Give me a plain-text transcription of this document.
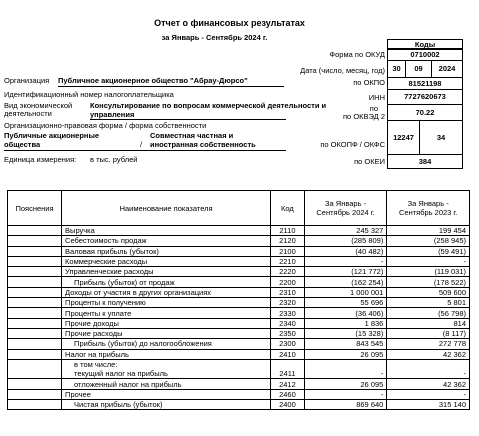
Отчет о финансовых результатах
за Январь - Сентябрь 2024 г.
Коды
Форма по ОКУД	0710002
Дата (число, месяц, год) 30	09	2024
Организация Публичное акционерное общество "Абрау-Дюрсо"	по ОКПО	81521198
Идентификационный номер налогоплательщика	ИНН	7727620673
Вид экономической
деятельности
Консультирование по вопросам коммерческой деятельности и
управления	по ОКВЭД 2
по	70.22
Организационно-правовая форма / форма собственности
Публичные акционерные
общества	/
Совместная частная и
иностранная собственность	по ОКОПФ / ОКФС
12247	34
Единица измерения: в тыс. рублей	по ОКЕИ	384
Пояснения	Наименование показателя	Код	За Январь - Сентябрь 2024 г.	За Январь - Сентябрь 2023 г.
	Выручка	2110	245 327	199 454
	Себестоимость продаж	2120	(285 809)	(258 945)
	Валовая прибыль (убыток)	2100	(40 482)	(59 491)
	Коммерческие расходы	2210	-	-
	Управленческие расходы	2220	(121 772)	(119 031)
	Прибыль (убыток) от продаж	2200	(162 254)	(178 522)
	Доходы от участия в других организациях	2310	1 000 001	509 600
	Проценты к получению	2320	55 696	5 801
	Проценты к уплате	2330	(36 406)	(56 798)
	Прочие доходы	2340	1 836	814
	Прочие расходы	2350	(15 328)	(8 117)
	Прибыль (убыток) до налогообложения	2300	843 545	272 778
	Налог на прибыль	2410	26 095	42 362
	в том числе:			
	текущий налог на прибыль	2411	-	-
	отложенный налог на прибыль	2412	26 095	42 362
	Прочее	2460	-	-
	Чистая прибыль (убыток)	2400	869 640	315 140
